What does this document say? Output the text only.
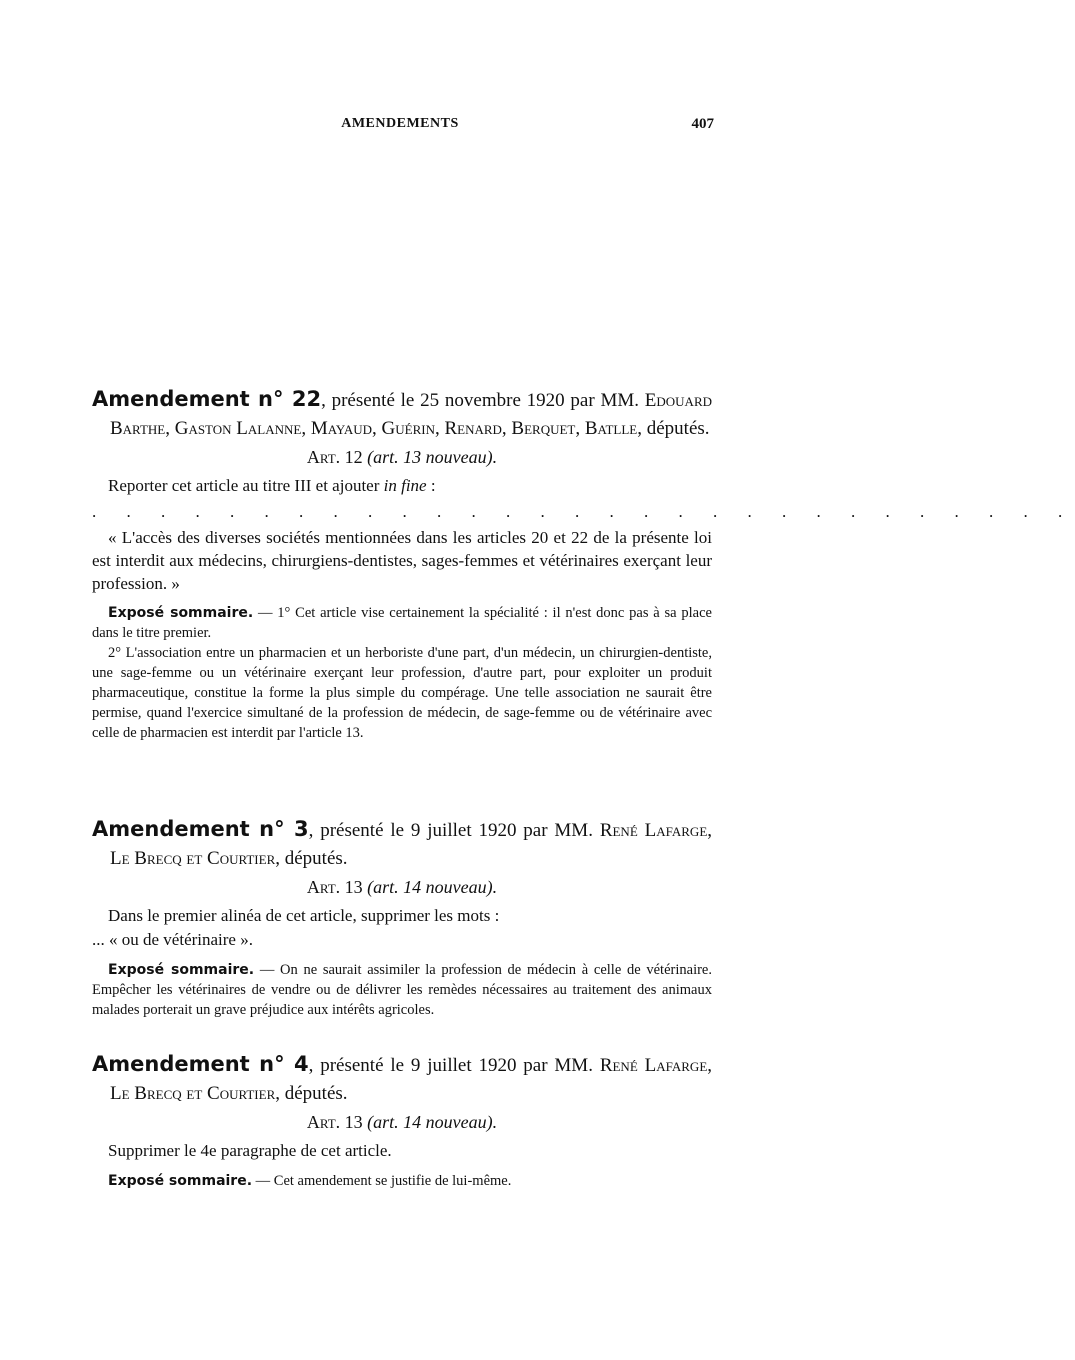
AMENDEMENTS	407

Amendement n° 22, présenté le 25 novembre 1920 par MM. Edouard Barthe, Gaston Lalanne, Mayaud, Guérin, Renard, Berquet, Batlle, députés.

Art. 12 (art. 13 nouveau).
Reporter cet article au titre III et ajouter in fine :
. . . . . . . . . . . . . . . . . . . . . . . . . . . . .

« L'accès des diverses sociétés mentionnées dans les articles 20 et 22 de la présente loi est interdit aux médecins, chirurgiens-dentistes, sages-femmes et vétérinaires exerçant leur profession. »

Exposé sommaire. — 1° Cet article vise certainement la spécialité : il n'est donc pas à sa place dans le titre premier.

2° L'association entre un pharmacien et un herboriste d'une part, d'un médecin, un chirurgien-dentiste, une sage-femme ou un vétérinaire exerçant leur profession, d'autre part, pour exploiter un produit pharmaceutique, constitue la forme la plus simple du compérage. Une telle association ne saurait être permise, quand l'exercice simultané de la profession de médecin, de sage-femme ou de vétérinaire avec celle de pharmacien est interdit par l'article 13.

Amendement n° 3, présenté le 9 juillet 1920 par MM. René Lafarge, Le Brecq et Courtier, députés.

Art. 13 (art. 14 nouveau).
Dans le premier alinéa de cet article, supprimer les mots :
... « ou de vétérinaire ».

Exposé sommaire. — On ne saurait assimiler la profession de médecin à celle de vétérinaire. Empêcher les vétérinaires de vendre ou de délivrer les remèdes nécessaires au traitement des animaux malades porterait un grave préjudice aux intérêts agricoles.

Amendement n° 4, présenté le 9 juillet 1920 par MM. René Lafarge, Le Brecq et Courtier, députés.

Art. 13 (art. 14 nouveau).
Supprimer le 4e paragraphe de cet article.

Exposé sommaire. — Cet amendement se justifie de lui-même.
